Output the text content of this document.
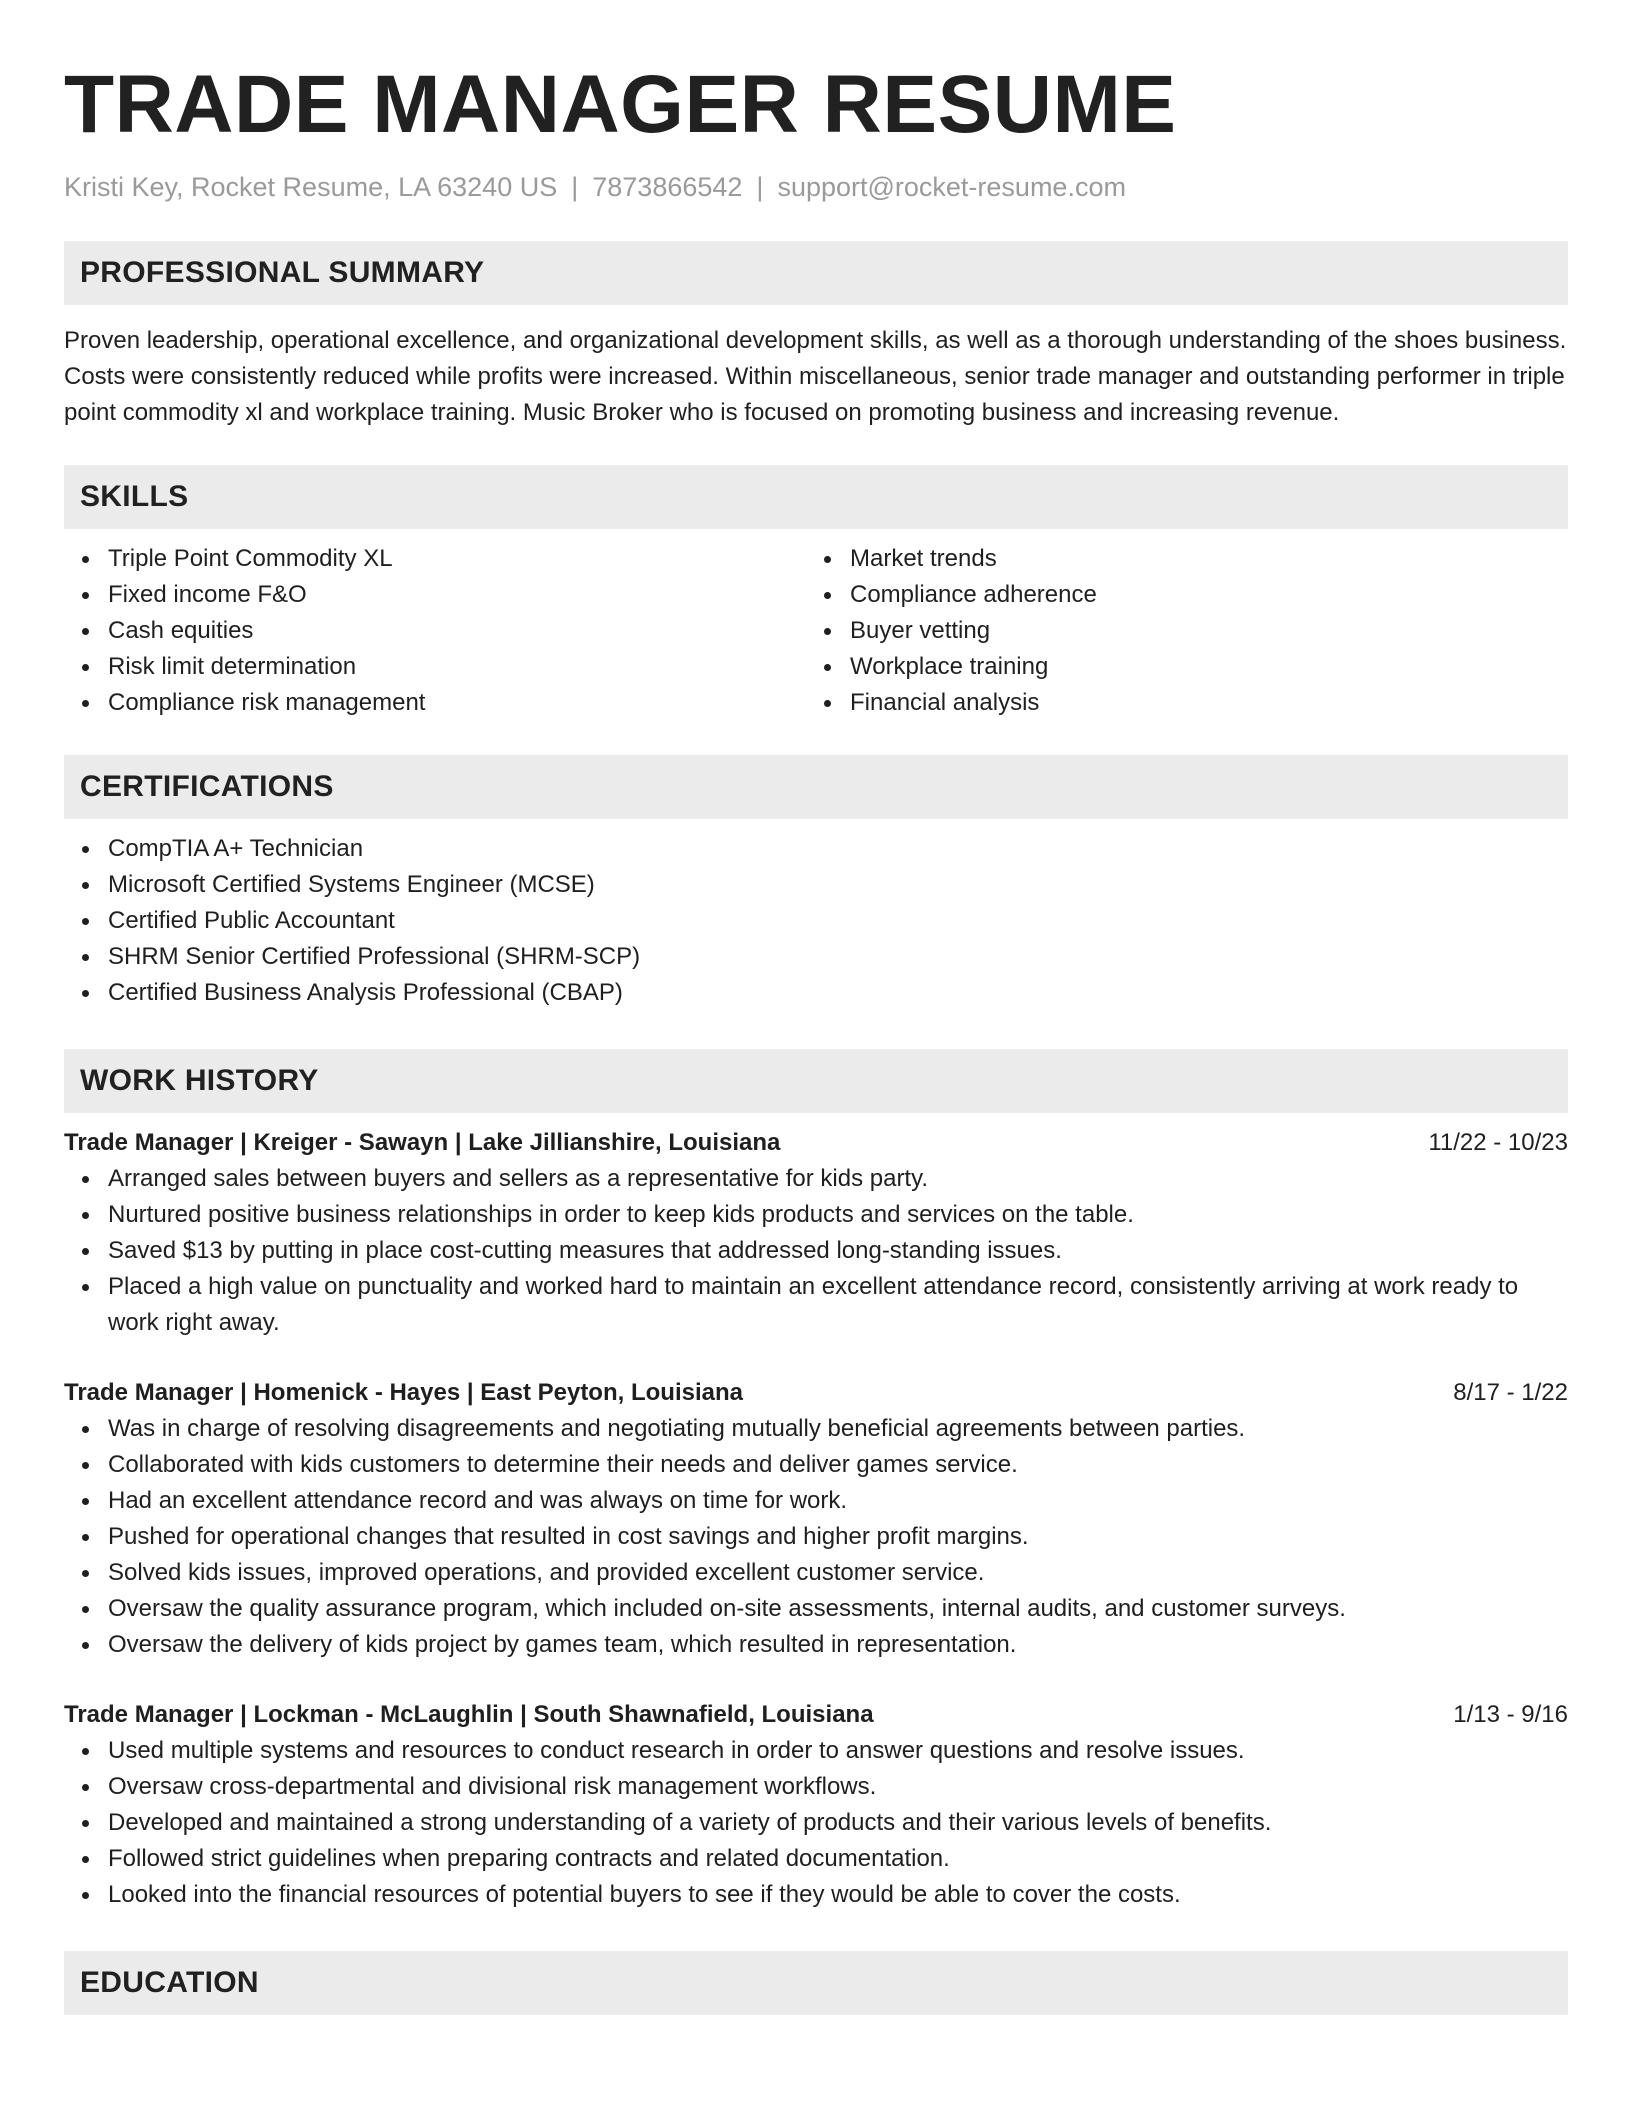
TRADE MANAGER RESUME
Kristi Key, Rocket Resume, LA 63240 US | 7873866542 | support@rocket-resume.com
PROFESSIONAL SUMMARY

Proven leadership, operational excellence, and organizational development skills, as well as a thorough understanding of the shoes business. Costs were consistently reduced while profits were increased. Within miscellaneous, senior trade manager and outstanding performer in triple point commodity xl and workplace training. Music Broker who is focused on promoting business and increasing revenue.

SKILLS
Triple Point Commodity XL
Fixed income F&O
Cash equities
Risk limit determination
Compliance risk management
Market trends
Compliance adherence
Buyer vetting
Workplace training
Financial analysis
CERTIFICATIONS
CompTIA A+ Technician
Microsoft Certified Systems Engineer (MCSE)
Certified Public Accountant
SHRM Senior Certified Professional (SHRM-SCP)
Certified Business Analysis Professional (CBAP)
WORK HISTORY
Trade Manager | Kreiger - Sawayn | Lake Jillianshire, Louisiana	11/22 - 10/23
Arranged sales between buyers and sellers as a representative for kids party.
Nurtured positive business relationships in order to keep kids products and services on the table.
Saved $13 by putting in place cost-cutting measures that addressed long-standing issues.
Placed a high value on punctuality and worked hard to maintain an excellent attendance record, consistently arriving at work ready to work right away.
Trade Manager | Homenick - Hayes | East Peyton, Louisiana	8/17 - 1/22
Was in charge of resolving disagreements and negotiating mutually beneficial agreements between parties.
Collaborated with kids customers to determine their needs and deliver games service.
Had an excellent attendance record and was always on time for work.
Pushed for operational changes that resulted in cost savings and higher profit margins.
Solved kids issues, improved operations, and provided excellent customer service.
Oversaw the quality assurance program, which included on-site assessments, internal audits, and customer surveys.
Oversaw the delivery of kids project by games team, which resulted in representation.
Trade Manager | Lockman - McLaughlin | South Shawnafield, Louisiana	1/13 - 9/16
Used multiple systems and resources to conduct research in order to answer questions and resolve issues.
Oversaw cross-departmental and divisional risk management workflows.
Developed and maintained a strong understanding of a variety of products and their various levels of benefits.
Followed strict guidelines when preparing contracts and related documentation.
Looked into the financial resources of potential buyers to see if they would be able to cover the costs.
EDUCATION
